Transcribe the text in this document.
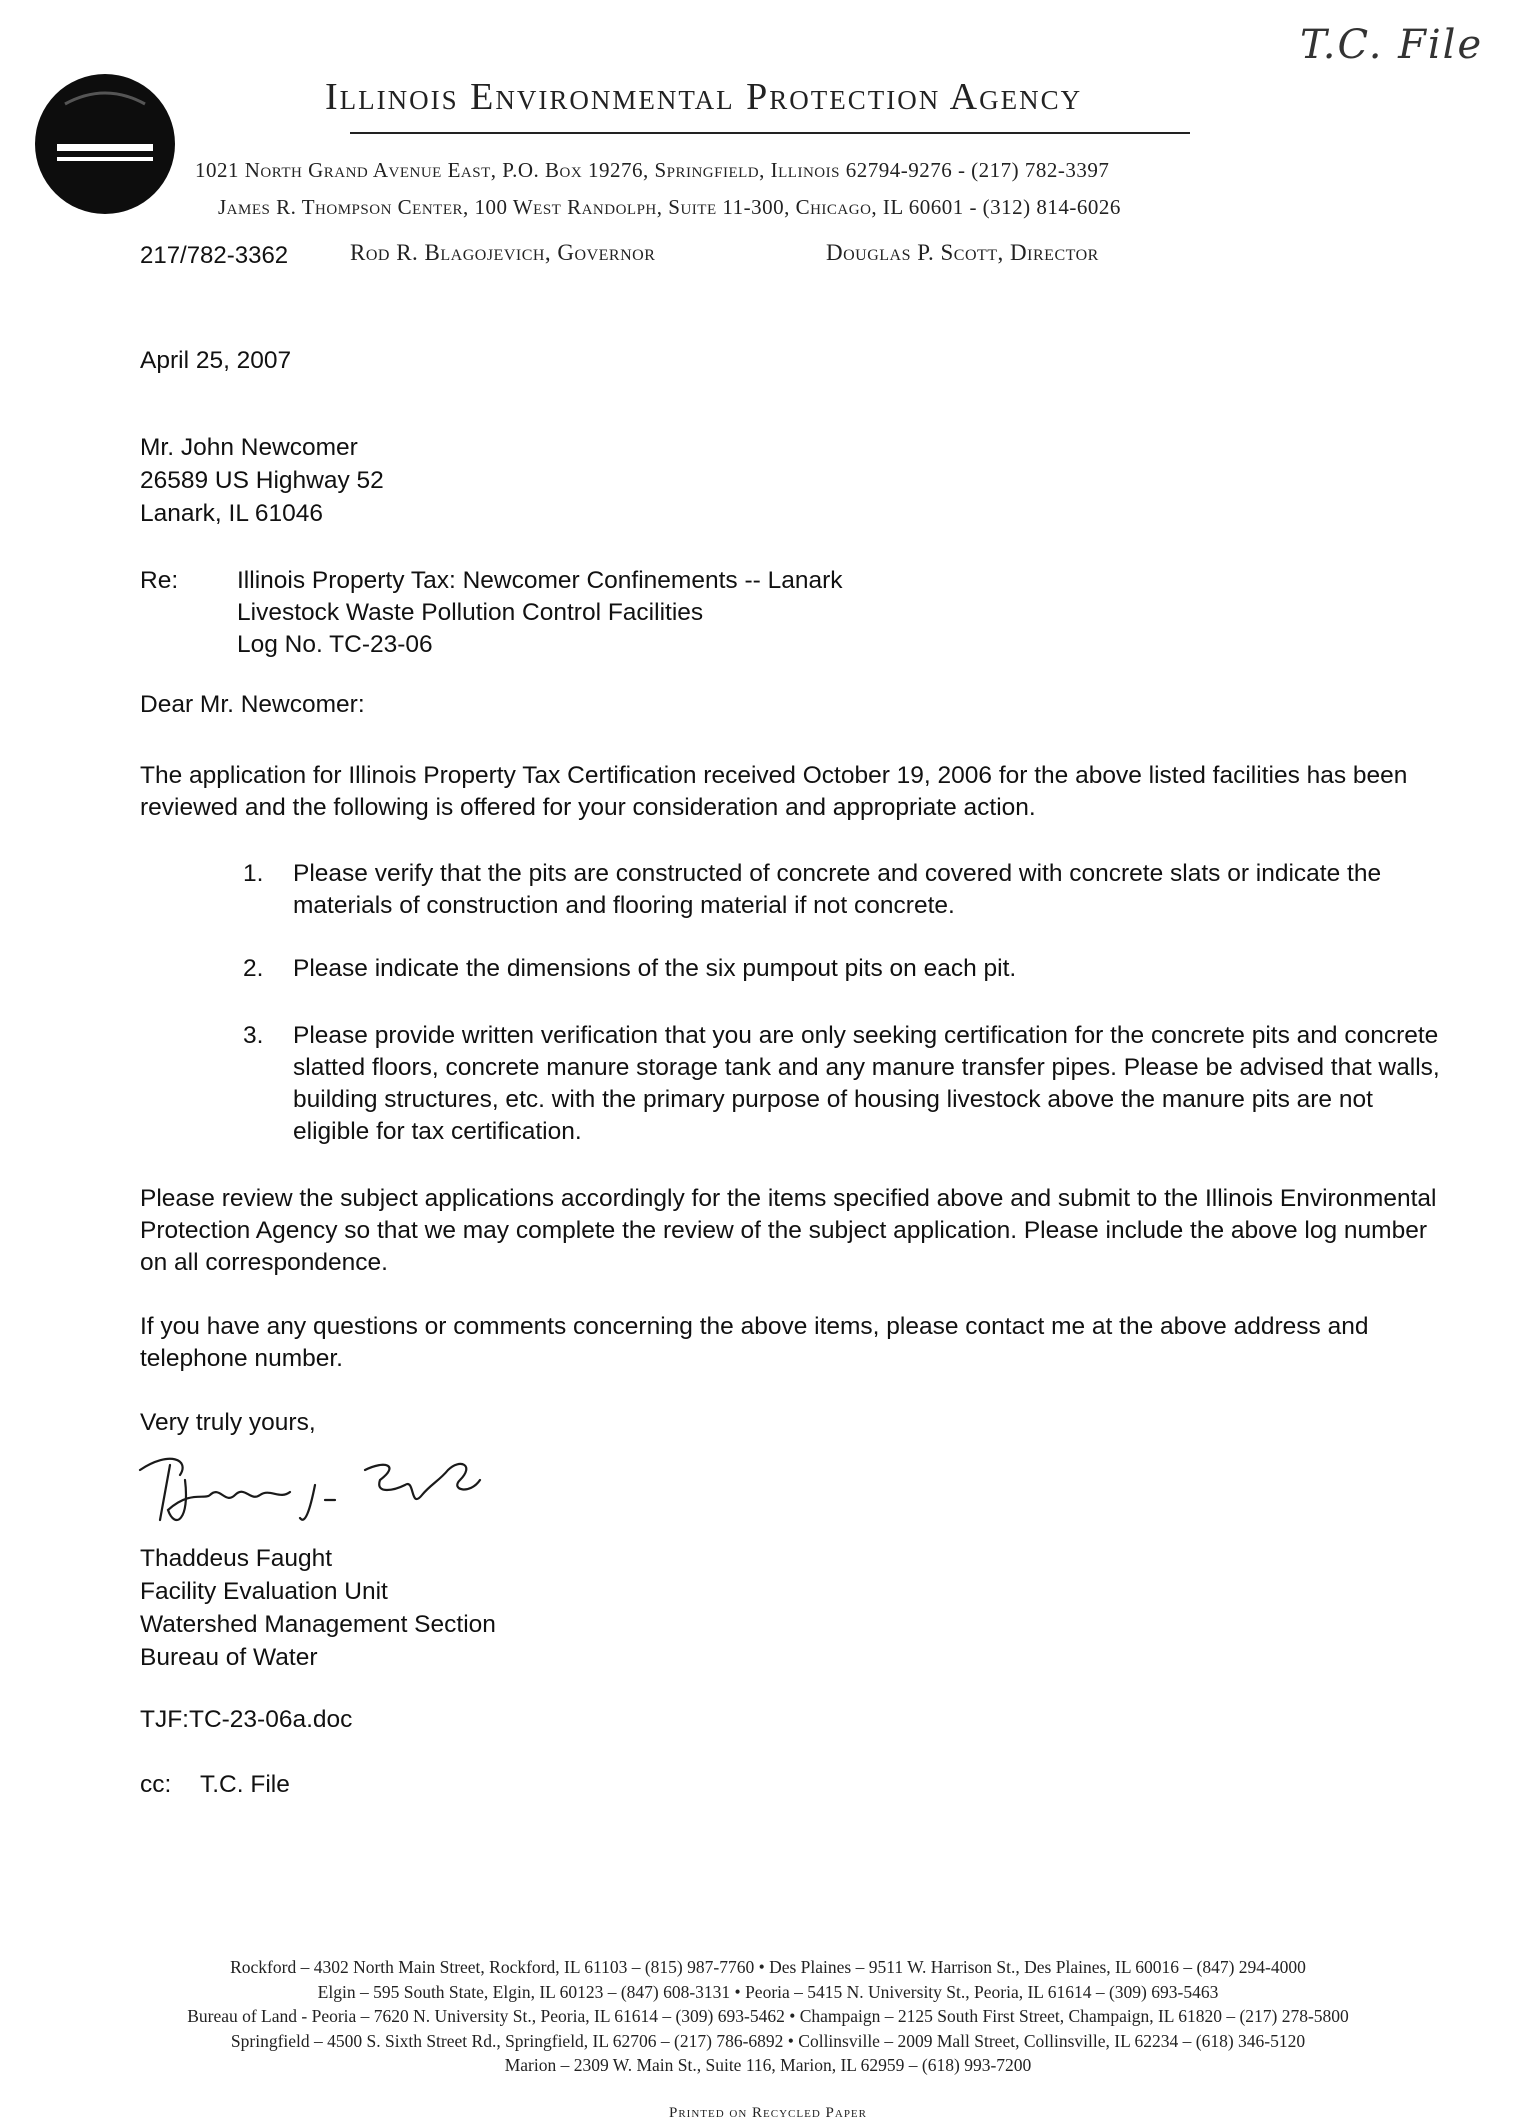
T.C. File
Illinois Environmental Protection Agency
1021 North Grand Avenue East, P.O. Box 19276, Springfield, Illinois 62794-9276 - (217) 782-3397
James R. Thompson Center, 100 West Randolph, Suite 11-300, Chicago, IL 60601 - (312) 814-6026
217/782-3362	Rod R. Blagojevich, Governor	Douglas P. Scott, Director
April 25, 2007
Mr. John Newcomer
26589 US Highway 52
Lanark, IL 61046
Re: Illinois Property Tax: Newcomer Confinements -- Lanark
Livestock Waste Pollution Control Facilities
Log No. TC-23-06
Dear Mr. Newcomer:
The application for Illinois Property Tax Certification received October 19, 2006 for the above listed facilities has been reviewed and the following is offered for your consideration and appropriate action.
1. Please verify that the pits are constructed of concrete and covered with concrete slats or indicate the materials of construction and flooring material if not concrete.
2. Please indicate the dimensions of the six pumpout pits on each pit.
3. Please provide written verification that you are only seeking certification for the concrete pits and concrete slatted floors, concrete manure storage tank and any manure transfer pipes. Please be advised that walls, building structures, etc. with the primary purpose of housing livestock above the manure pits are not eligible for tax certification.
Please review the subject applications accordingly for the items specified above and submit to the Illinois Environmental Protection Agency so that we may complete the review of the subject application. Please include the above log number on all correspondence.
If you have any questions or comments concerning the above items, please contact me at the above address and telephone number.
Very truly yours,
Thaddeus Faught
Facility Evaluation Unit
Watershed Management Section
Bureau of Water
TJF:TC-23-06a.doc
cc: T.C. File
Rockford – 4302 North Main Street, Rockford, IL 61103 – (815) 987-7760 • Des Plaines – 9511 W. Harrison St., Des Plaines, IL 60016 – (847) 294-4000
Elgin – 595 South State, Elgin, IL 60123 – (847) 608-3131 • Peoria – 5415 N. University St., Peoria, IL 61614 – (309) 693-5463
Bureau of Land - Peoria – 7620 N. University St., Peoria, IL 61614 – (309) 693-5462 • Champaign – 2125 South First Street, Champaign, IL 61820 – (217) 278-5800
Springfield – 4500 S. Sixth Street Rd., Springfield, IL 62706 – (217) 786-6892 • Collinsville – 2009 Mall Street, Collinsville, IL 62234 – (618) 346-5120
Marion – 2309 W. Main St., Suite 116, Marion, IL 62959 – (618) 993-7200
Printed on Recycled Paper
